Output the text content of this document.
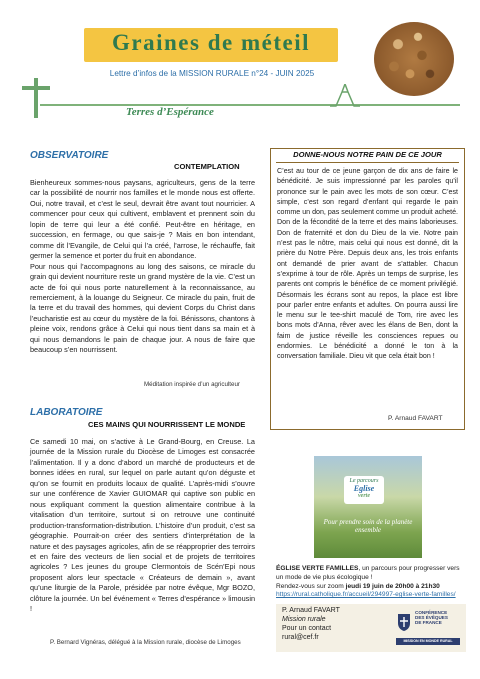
Graines de méteil
Lettre d’infos de la MISSION RURALE n°24 - JUIN 2025
Terres d’Espérance
OBSERVATOIRE
CONTEMPLATION
Bienheureux sommes-nous paysans, agriculteurs, gens de la terre car la possibilité de nourrir nos familles et le monde nous est offerte. Oui, notre travail, et c’est le seul, devrait être avant tout nourricier. A commencer pour ceux qui cultivent, emblavent et prennent soin du lopin de terre qui leur a été confié. Peut-être en héritage, en succession, en fermage, ou que sais-je ? Mais en bon intendant, comme dit l’Evangile, de Celui qui l’a créé, l’arrose, le réchauffe, fait germer la semence et porter du fruit en abondance.
Pour nous qui l’accompagnons au long des saisons, ce miracle du grain qui devient nourriture reste un grand mystère de la vie. C’est un acte de foi qui nous porte naturellement à la reconnaissance, au remerciement, à la louange du Seigneur. Ce miracle du pain, fruit de la terre et du travail des hommes, qui devient Corps du Christ dans l’eucharistie est au cœur du mystère de la foi. Bénissons, chantons à pleine voix, rendons grâce à Celui qui nous tient dans sa main et à qui nous demandons le pain de chaque jour. A nous de faire que beaucoup s’en nourrissent.
Méditation inspirée d’un agriculteur
LABORATOIRE
CES MAINS QUI NOURRISSENT LE MONDE
Ce samedi 10 mai, on s’active à Le Grand-Bourg, en Creuse. La journée de la Mission rurale du Diocèse de Limoges est consacrée l’alimentation. Il y a donc d’abord un marché de producteurs et de bonnes idées en rural, sur lequel on parle autant qu’on déguste et qu’on se fournit en produits locaux de qualité. L’après-midi s’ouvre sur une conférence de Xavier GUIOMAR qui captive son public en nous expliquant comment la question alimentaire contribue à la vitalisation d’un territoire, surtout si on retrouve une continuité production-transformation-distribution. L’histoire d’un produit, c’est sa géographie. Pourrait-on créer des sentiers d’interprétation de la nature et des paysages agricoles, afin de se réapproprier des terroirs et en faire des vecteurs de lien social et de projets de territoires agricoles ? Les jeunes du groupe Clermontois de Scén’Epi nous proposent alors leur spectacle « Créateurs de demain », avant qu’une liturgie de la Parole, présidée par notre évêque, Mgr BOZO, clôture la journée. Un bel événement « Terres d’espérance » limousin !
P. Bernard Vignéras, délégué à la Mission rurale, diocèse de Limoges
DONNE-NOUS NOTRE PAIN DE CE JOUR
C’est au tour de ce jeune garçon de dix ans de faire le bénédicité. Je suis impressionné par les paroles qu’il prononce sur le pain avec les mots de son cœur. C’est simple, c’est son regard d’enfant qui regarde le pain comme un don, pas seulement comme un produit acheté. Don de la fécondité de la terre et des mains laborieuses. Don de fraternité et don du Dieu de la vie. Notre pain n’est pas le nôtre, mais celui qui nous est donné, dit la prière du Notre Père. Depuis deux ans, les trois enfants ont demandé de prier avant de s’attabler. Chacun s’exprime à tour de rôle. Après un temps de surprise, les parents ont compris le bénéfice de ce moment privilégié. Désormais les écrans sont au repos, la place est libre pour parler entre enfants et adultes. On pourra aussi lire le menu sur le tee-shirt maculé de Tom, rire avec les bons mots d’Anna, rêver avec les élans de Ben, dont la faim de justice réveille les consciences repues ou endormies. Le bénédicité a donné le ton à la conversation familiale. Dieu vit que cela était bon !
P. Arnaud FAVART
Le parcours
Eglise
verte
Pour prendre soin de la planète ensemble
ÉGLISE VERTE FAMILLES, un parcours pour progresser vers un mode de vie plus écologique !
Rendez-vous sur zoom jeudi 19 juin de 20h00 à 21h30
https://rural.catholique.fr/accueil/294997-eglise-verte-familles/
P. Arnaud FAVART
Mission rurale
Pour un contact
rural@cef.fr
CONFÉRENCE
DES ÉVÊQUES
DE FRANCE
MISSION EN MONDE RURAL
